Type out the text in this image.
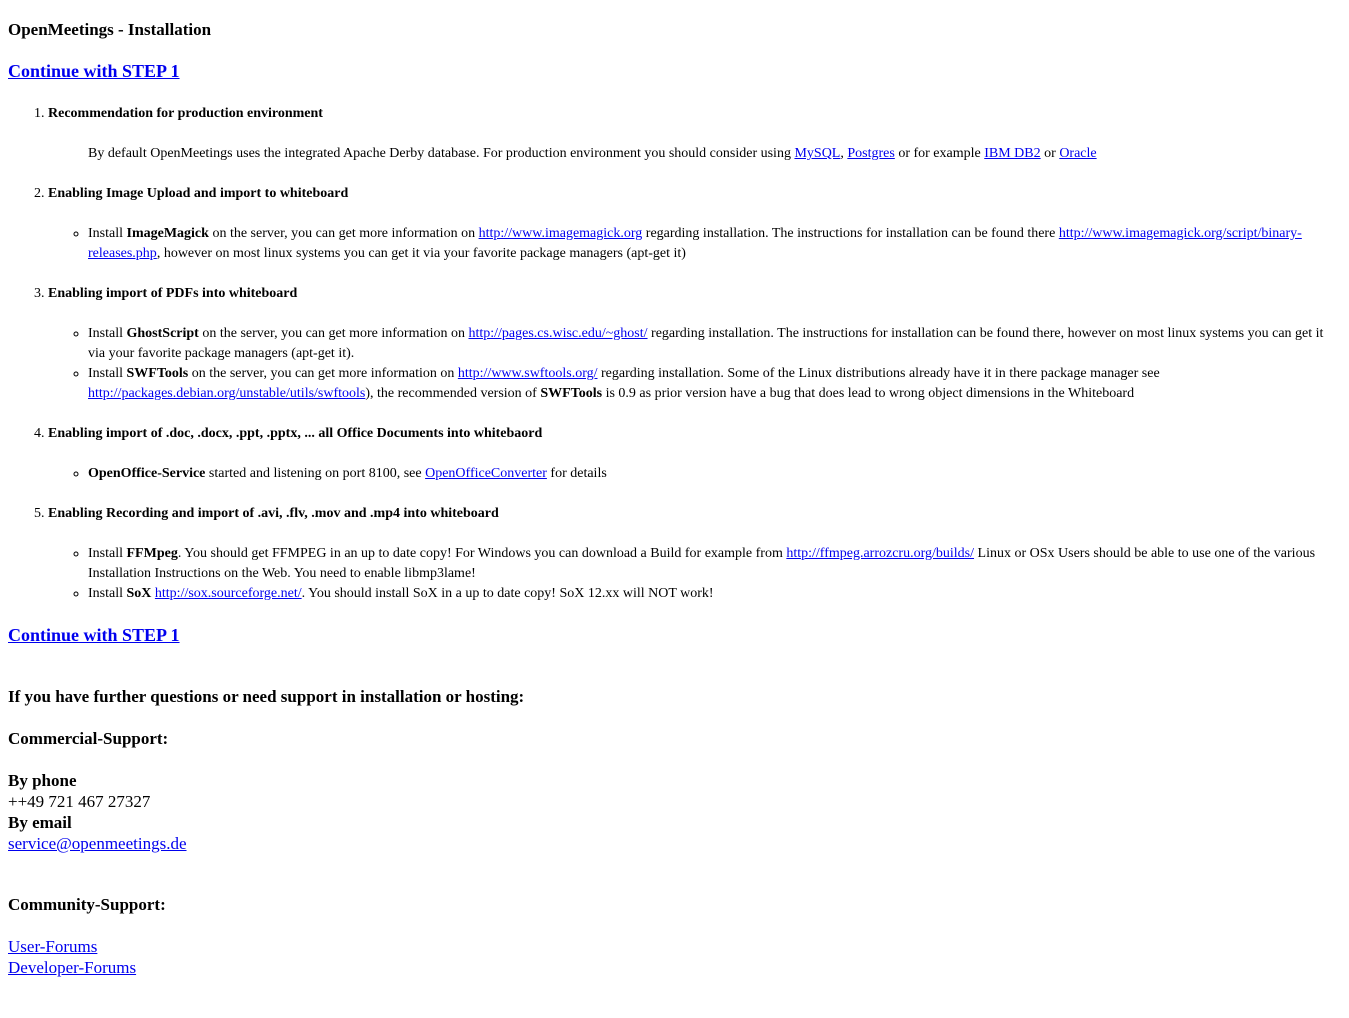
OpenMeetings - Installation
Continue with STEP 1
1. Recommendation for production environment
By default OpenMeetings uses the integrated Apache Derby database. For production environment you should consider using MySQL, Postgres or for example IBM DB2 or Oracle
2. Enabling Image Upload and import to whiteboard
◦ Install ImageMagick on the server, you can get more information on http://www.imagemagick.org regarding installation. The instructions for installation can be found there http://www.imagemagick.org/script/binary-releases.php, however on most linux systems you can get it via your favorite package managers (apt-get it)
3. Enabling import of PDFs into whiteboard
◦ Install GhostScript on the server, you can get more information on http://pages.cs.wisc.edu/~ghost/ regarding installation. The instructions for installation can be found there, however on most linux systems you can get it via your favorite package managers (apt-get it).
◦ Install SWFTools on the server, you can get more information on http://www.swftools.org/ regarding installation. Some of the Linux distributions already have it in there package manager see http://packages.debian.org/unstable/utils/swftools), the recommended version of SWFTools is 0.9 as prior version have a bug that does lead to wrong object dimensions in the Whiteboard
4. Enabling import of .doc, .docx, .ppt, .pptx, ... all Office Documents into whitebaord
◦ OpenOffice-Service started and listening on port 8100, see OpenOfficeConverter for details
5. Enabling Recording and import of .avi, .flv, .mov and .mp4 into whiteboard
◦ Install FFMpeg. You should get FFMPEG in an up to date copy! For Windows you can download a Build for example from http://ffmpeg.arrozcru.org/builds/ Linux or OSx Users should be able to use one of the various Installation Instructions on the Web. You need to enable libmp3lame!
◦ Install SoX http://sox.sourceforge.net/. You should install SoX in a up to date copy! SoX 12.xx will NOT work!
Continue with STEP 1
If you have further questions or need support in installation or hosting:
Commercial-Support:
By phone
++49 721 467 27327
By email
service@openmeetings.de
Community-Support:
User-Forums
Developer-Forums
